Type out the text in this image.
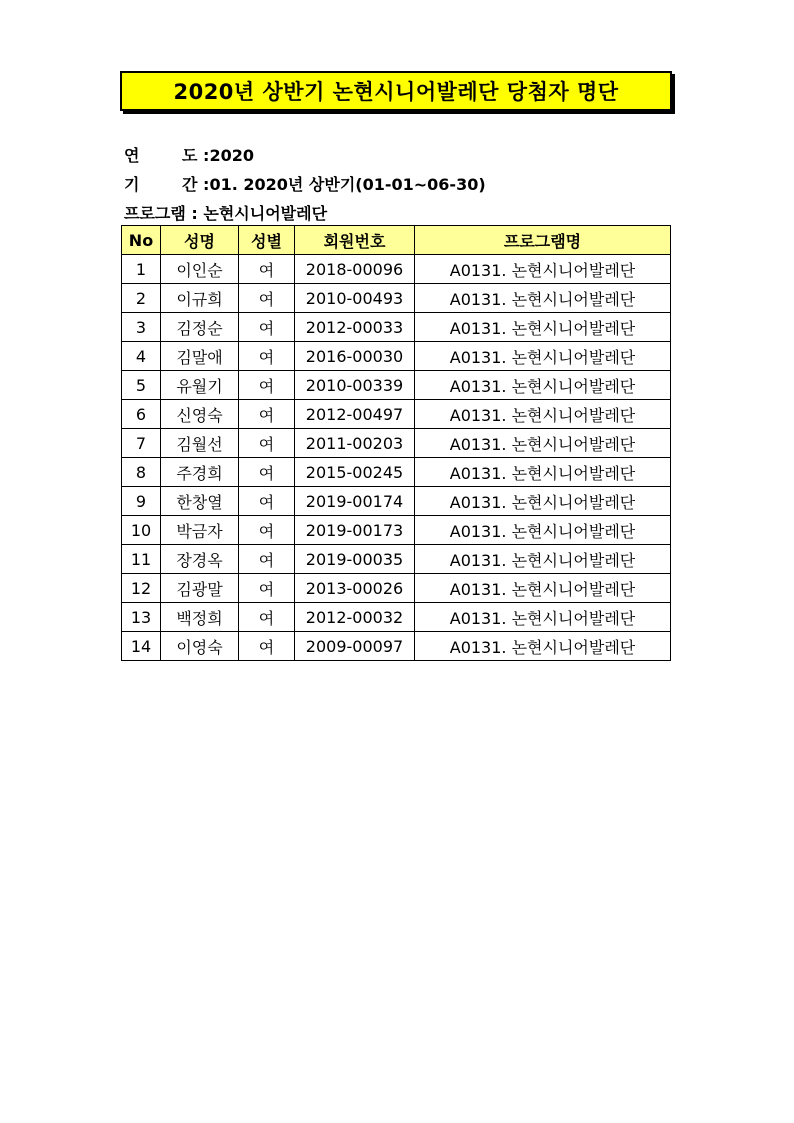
2020년 상반기 논현시니어발레단 당첨자 명단
연	도 :2020
기	간 :01. 2020년 상반기(01-01~06-30)
프로그램 : 논현시니어발레단
No	성명	성별	회원번호	프로그램명
1	이인순	여	2018-00096	A0131. 논현시니어발레단
2	이규희	여	2010-00493	A0131. 논현시니어발레단
3	김정순	여	2012-00033	A0131. 논현시니어발레단
4	김말애	여	2016-00030	A0131. 논현시니어발레단
5	유월기	여	2010-00339	A0131. 논현시니어발레단
6	신영숙	여	2012-00497	A0131. 논현시니어발레단
7	김월선	여	2011-00203	A0131. 논현시니어발레단
8	주경희	여	2015-00245	A0131. 논현시니어발레단
9	한창열	여	2019-00174	A0131. 논현시니어발레단
10	박금자	여	2019-00173	A0131. 논현시니어발레단
11	장경옥	여	2019-00035	A0131. 논현시니어발레단
12	김광말	여	2013-00026	A0131. 논현시니어발레단
13	백정희	여	2012-00032	A0131. 논현시니어발레단
14	이영숙	여	2009-00097	A0131. 논현시니어발레단
